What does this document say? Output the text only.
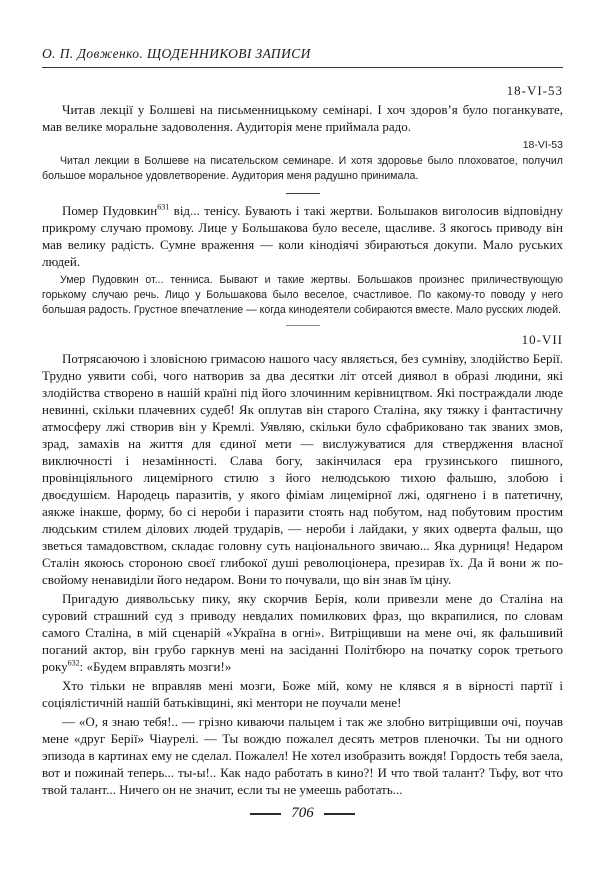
О. П. Довженко. ЩОДЕННИКОВІ ЗАПИСИ
18-VI-53

Читав лекції у Болшеві на письменницькому семінарі. І хоч здоров’я було поганкувате, мав велике моральне задоволення. Аудиторія мене приймала радо.

18-VI-53

Читал лекции в Болшеве на писательском семинаре. И хотя здоровье было плоховатое, получил большое моральное удовлетворение. Аудитория меня радушно принимала.

Помер Пудовкин$^{631}$ від... тенісу. Бувають і такі жертви. Большаков виголосив відповідну прикрому случаю промову. Лице у Большакова було веселе, щасливе. З якогось приводу він мав велику радість. Сумне враження — коли кінодіячі збираються докупи. Мало руських людей.

Умер Пудовкин от... тенниса. Бывают и такие жертвы. Большаков произнес приличествующую горькому случаю речь. Лицо у Большакова было веселое, счастливое. По какому-то поводу у него большая радость. Грустное впечатление — когда кинодеятели собираются вместе. Мало русских людей.

10-VII

Потрясаючою і зловісною гримасою нашого часу являється, без сумніву, злодійство Берії. Трудно уявити собі, чого натворив за два десятки літ отсей диявол в образі людини, які злодійства створено в нашій країні під його злочинним керівництвом. Які постраждали люде невинні, скільки плачевних судеб! Як оплутав він старого Сталіна, яку тяжку і фантастичну атмосферу лжі створив він у Кремлі. Уявляю, скільки було сфабриковано так званих змов, зрад, замахів на життя для єдиної мети — вислужуватися для ствердження власної виключності і незамінності. Слава богу, закінчилася ера грузинського пишного, провінціяльного лицемірного стилю з його нелюдською тихою фальшю, злобою і двоєдушієм. Народець паразитів, у якого фіміам лицемірної лжі, одягнено і в патетичну, аякже інакше, форму, бо сі нероби і паразити стоять над побутом, над побутовим простим людським стилем ділових людей трударів, — нероби і лайдаки, у яких одверта фальш, що зветься тамадовством, складає головну суть національного звичаю... Яка дурниця! Недаром Сталін якоюсь стороною своєї глибокої душі революціонера, презирав їх. Да й вони ж по-свойому ненавиділи його недаром. Вони то почували, що він знав їм ціну.

Пригадую диявольську пику, яку скорчив Берія, коли привезли мене до Сталіна на суровий страшний суд з приводу невдалих помилкових фраз, що вкрапилися, по словам самого Сталіна, в мій сценарій «Україна в огні». Витріщивши на мене очі, як фальшивий поганий актор, він грубо гаркнув мені на засіданні Політбюро на початку сорок третього року$^{632}$: «Будем вправлять мозги!»

Хто тільки не вправляв мені мозги, Боже мій, кому не клявся я в вірності партії і соціялістичній нашій батьківщині, які ментори не поучали мене!

— «О, я знаю тебя!.. — грізно киваючи пальцем і так же злобно витріщивши очі, поучав мене «друг Берії» Чіаурелі. — Ты вождю пожалел десять метров пленочки. Ты ни одного эпизода в картинах ему не сделал. Пожалел! Не хотел изобразить вождя! Гордость тебя заела, вот и пожинай теперь... ты-ы!.. Как надо работать в кино?! И что твой талант? Тьфу, вот что твой талант... Ничего он не значит, если ты не умеешь работать...

706
